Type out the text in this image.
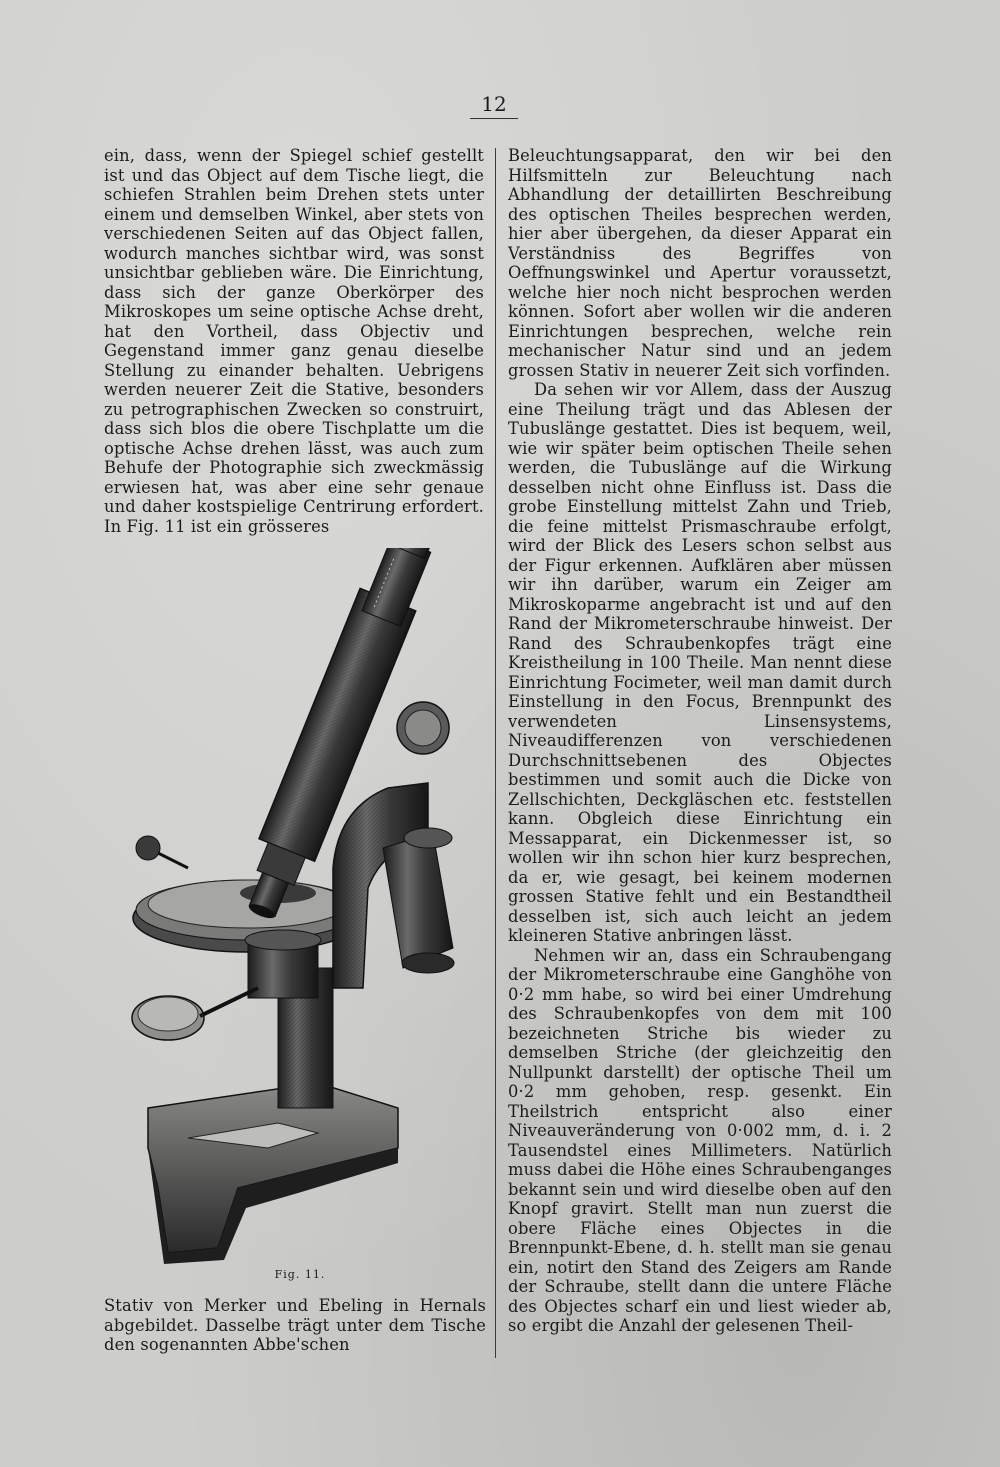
12

ein, dass, wenn der Spiegel schief gestellt ist und das Object auf dem Tische liegt, die schiefen Strahlen beim Drehen stets unter einem und demselben Winkel, aber stets von verschiedenen Seiten auf das Object fallen, wodurch manches sichtbar wird, was sonst unsichtbar geblieben wäre. Die Einrichtung, dass sich der ganze Oberkörper des Mikroskopes um seine optische Achse dreht, hat den Vortheil, dass Objectiv und Gegenstand immer ganz genau dieselbe Stellung zu einander behalten. Uebrigens werden neuerer Zeit die Stative, besonders zu petrographischen Zwecken so construirt, dass sich blos die obere Tischplatte um die optische Achse drehen lässt, was auch zum Behufe der Photographie sich zweckmässig erwiesen hat, was aber eine sehr genaue und daher kostspielige Centrirung erfordert. In Fig. 11 ist ein grösseres

Fig. 11.

Stativ von Merker und Ebeling in Hernals abgebildet. Dasselbe trägt unter dem Tische den sogenannten Abbe'schen

Beleuchtungsapparat, den wir bei den Hilfsmitteln zur Beleuchtung nach Abhandlung der detaillirten Beschreibung des optischen Theiles besprechen werden, hier aber übergehen, da dieser Apparat ein Verständniss des Begriffes von Oeffnungswinkel und Apertur voraussetzt, welche hier noch nicht besprochen werden können. Sofort aber wollen wir die anderen Einrichtungen besprechen, welche rein mechanischer Natur sind und an jedem grossen Stativ in neuerer Zeit sich vorfinden.

Da sehen wir vor Allem, dass der Auszug eine Theilung trägt und das Ablesen der Tubuslänge gestattet. Dies ist bequem, weil, wie wir später beim optischen Theile sehen werden, die Tubuslänge auf die Wirkung desselben nicht ohne Einfluss ist. Dass die grobe Einstellung mittelst Zahn und Trieb, die feine mittelst Prismaschraube erfolgt, wird der Blick des Lesers schon selbst aus der Figur erkennen. Aufklären aber müssen wir ihn darüber, warum ein Zeiger am Mikroskoparme angebracht ist und auf den Rand der Mikrometerschraube hinweist. Der Rand des Schraubenkopfes trägt eine Kreistheilung in 100 Theile. Man nennt diese Einrichtung Focimeter, weil man damit durch Einstellung in den Focus, Brennpunkt des verwendeten Linsensystems, Niveaudifferenzen von verschiedenen Durchschnittsebenen des Objectes bestimmen und somit auch die Dicke von Zellschichten, Deckgläschen etc. feststellen kann. Obgleich diese Einrichtung ein Messapparat, ein Dickenmesser ist, so wollen wir ihn schon hier kurz besprechen, da er, wie gesagt, bei keinem modernen grossen Stative fehlt und ein Bestandtheil desselben ist, sich auch leicht an jedem kleineren Stative anbringen lässt.

Nehmen wir an, dass ein Schraubengang der Mikrometerschraube eine Ganghöhe von 0·2 mm habe, so wird bei einer Umdrehung des Schraubenkopfes von dem mit 100 bezeichneten Striche bis wieder zu demselben Striche (der gleichzeitig den Nullpunkt darstellt) der optische Theil um 0·2 mm gehoben, resp. gesenkt. Ein Theilstrich entspricht also einer Niveauveränderung von 0·002 mm, d. i. 2 Tausendstel eines Millimeters. Natürlich muss dabei die Höhe eines Schraubenganges bekannt sein und wird dieselbe oben auf den Knopf gravirt. Stellt man nun zuerst die obere Fläche eines Objectes in die Brennpunkt-Ebene, d. h. stellt man sie genau ein, notirt den Stand des Zeigers am Rande der Schraube, stellt dann die untere Fläche des Objectes scharf ein und liest wieder ab, so ergibt die Anzahl der gelesenen Theil-
